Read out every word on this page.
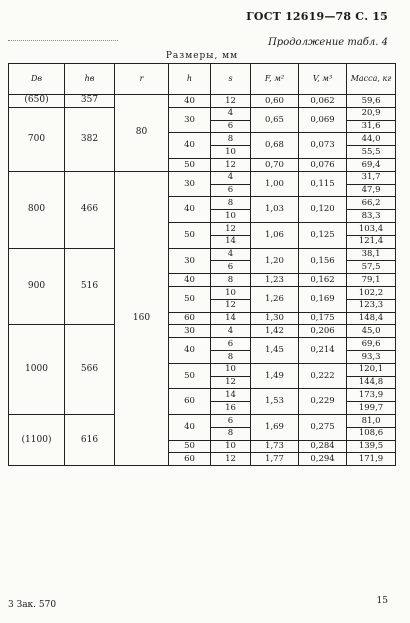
ГОСТ 12619—78 С. 15
Продолжение табл. 4
Размеры, мм							
Dв	hв	r	h	s	F, м²	V, м³	Масса, кг
(650)	357	80	40	12	0,60	0,062	59,6
700	382		30	4	0,65	0,069	20,9
				6			31,6
			40	8	0,68	0,073	44,0
				10			55,5
			50	12	0,70	0,076	69,4
800	466	160	30	4	1,00	0,115	31,7
				6			47,9
			40	8	1,03	0,120	66,2
				10			83,3
			50	12	1,06	0,125	103,4
				14			121,4
900	516		30	4	1,20	0,156	38,1
				6			57,5
			40	8	1,23	0,162	79,1
			50	10	1,26	0,169	102,2
				12			123,3
			60	14	1,30	0,175	148,4
1000	566		30	4	1,42	0,206	45,0
			40	6	1,45	0,214	69,6
				8			93,3
			50	10	1,49	0,222	120,1
				12			144,8
			60	14	1,53	0,229	173,9
				16			199,7
(1100)	616		40	6	1,69	0,275	81,0
				8			108,6
			50	10	1,73	0,284	139,5
			60	12	1,77	0,294	171,9
3 Зак. 570	15
